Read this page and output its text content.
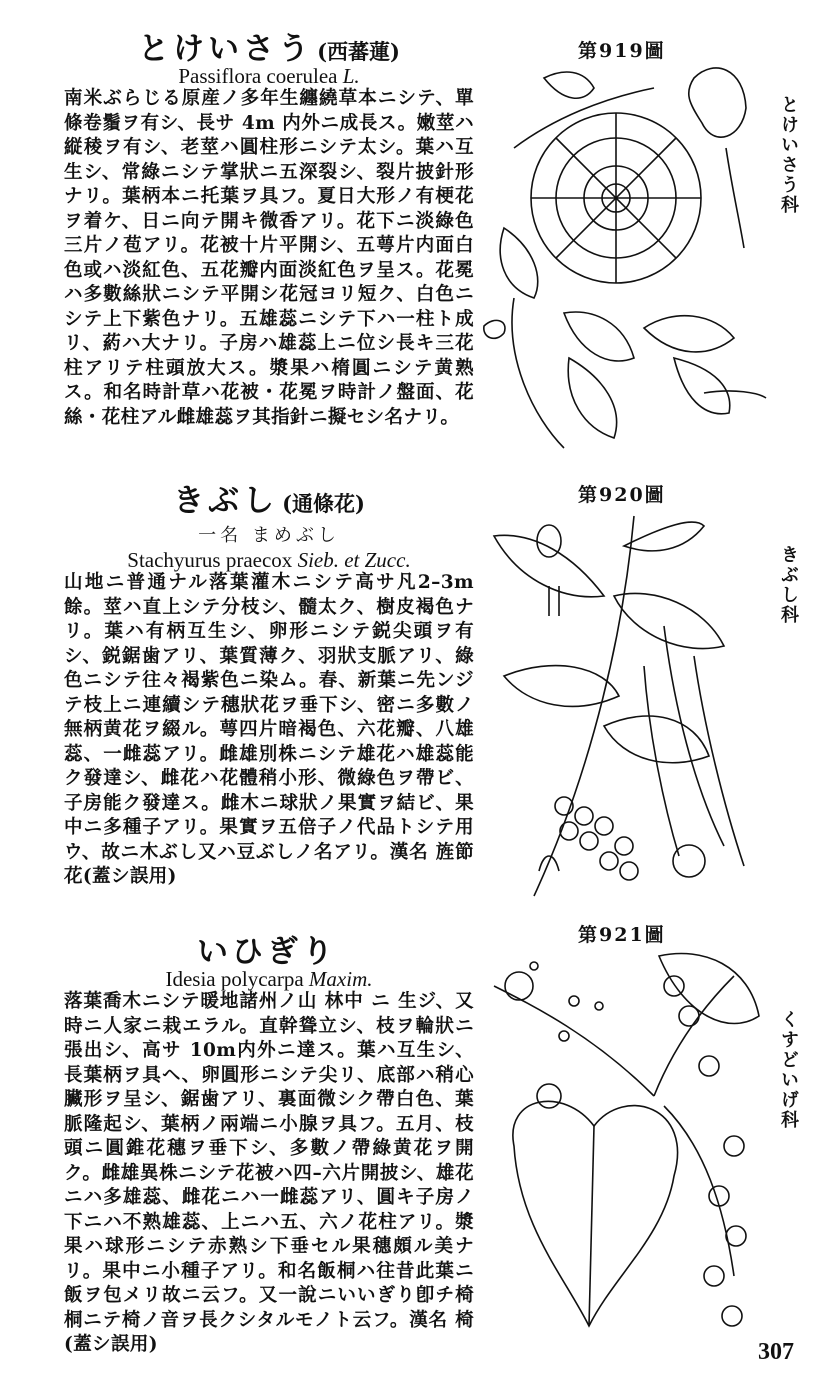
とけいさう (西蕃蓮)
Passiflora coerulea L.
南米ぶらじる原産ノ多年生纏繞草本ニシテ、單條卷鬚ヲ有シ、長サ 4m 内外ニ成長ス。嫩莖ハ縦稜ヲ有シ、老莖ハ圓柱形ニシテ太シ。葉ハ互生シ、常綠ニシテ掌狀ニ五深裂シ、裂片披針形ナリ。葉柄本ニ托葉ヲ具フ。夏日大形ノ有梗花ヲ着ケ、日ニ向テ開キ微香アリ。花下ニ淡綠色三片ノ苞アリ。花被十片平開シ、五萼片内面白色或ハ淡紅色、五花瓣内面淡紅色ヲ呈ス。花冕ハ多數絲狀ニシテ平開シ花冠ヨリ短ク、白色ニシテ上下紫色ナリ。五雄蕊ニシテ下ハ一柱ト成リ、葯ハ大ナリ。子房ハ雄蕊上ニ位シ長キ三花柱アリテ柱頭放大ス。漿果ハ楕圓ニシテ黄熟ス。和名時計草ハ花被・花冕ヲ時計ノ盤面、花絲・花柱アル雌雄蕊ヲ其指針ニ擬セシ名ナリ。
第919圖
とけいさう科
きぶし (通條花)
一名 まめぶし
Stachyurus praecox Sieb. et Zucc.
山地ニ普通ナル落葉灌木ニシテ高サ凡2–3m餘。莖ハ直上シテ分枝シ、髓太ク、樹皮褐色ナリ。葉ハ有柄互生シ、卵形ニシテ鋭尖頭ヲ有シ、鋭鋸歯アリ、葉質薄ク、羽狀支脈アリ、綠色ニシテ往々褐紫色ニ染ム。春、新葉ニ先ンジテ枝上ニ連續シテ穗狀花ヲ垂下シ、密ニ多數ノ無柄黄花ヲ綴ル。萼四片暗褐色、六花瓣、八雄蕊、一雌蕊アリ。雌雄別株ニシテ雄花ハ雄蕊能ク發達シ、雌花ハ花體稍小形、微綠色ヲ帶ビ、子房能ク發達ス。雌木ニ球狀ノ果實ヲ結ビ、果中ニ多種子アリ。果實ヲ五倍子ノ代品トシテ用ウ、故ニ木ぶし又ハ豆ぶしノ名アリ。漢名 旌節花(蓋シ誤用)
第920圖
きぶし科
いひぎり
Idesia polycarpa Maxim.
落葉喬木ニシテ暖地諸州ノ山 林中 ニ 生ジ、又時ニ人家ニ栽エラル。直幹聳立シ、枝ヲ輪狀ニ張出シ、高サ 10m内外ニ達ス。葉ハ互生シ、長葉柄ヲ具ヘ、卵圓形ニシテ尖リ、底部ハ稍心臟形ヲ呈シ、鋸歯アリ、裏面微シク帶白色、葉脈隆起シ、葉柄ノ兩端ニ小腺ヲ具フ。五月、枝頭ニ圓錐花穗ヲ垂下シ、多數ノ帶綠黄花ヲ開ク。雌雄異株ニシテ花被ハ四–六片開披シ、雄花ニハ多雄蕊、雌花ニハ一雌蕊アリ、圓キ子房ノ下ニハ不熟雄蕊、上ニハ五、六ノ花柱アリ。漿果ハ球形ニシテ赤熟シ下垂セル果穗頗ル美ナリ。果中ニ小種子アリ。和名飯桐ハ往昔此葉ニ飯ヲ包メリ故ニ云フ。又一說ニいいぎり卽チ椅桐ニテ椅ノ音ヲ長クシタルモノト云フ。漢名 椅(蓋シ誤用)
第921圖
くすどいげ科
307
